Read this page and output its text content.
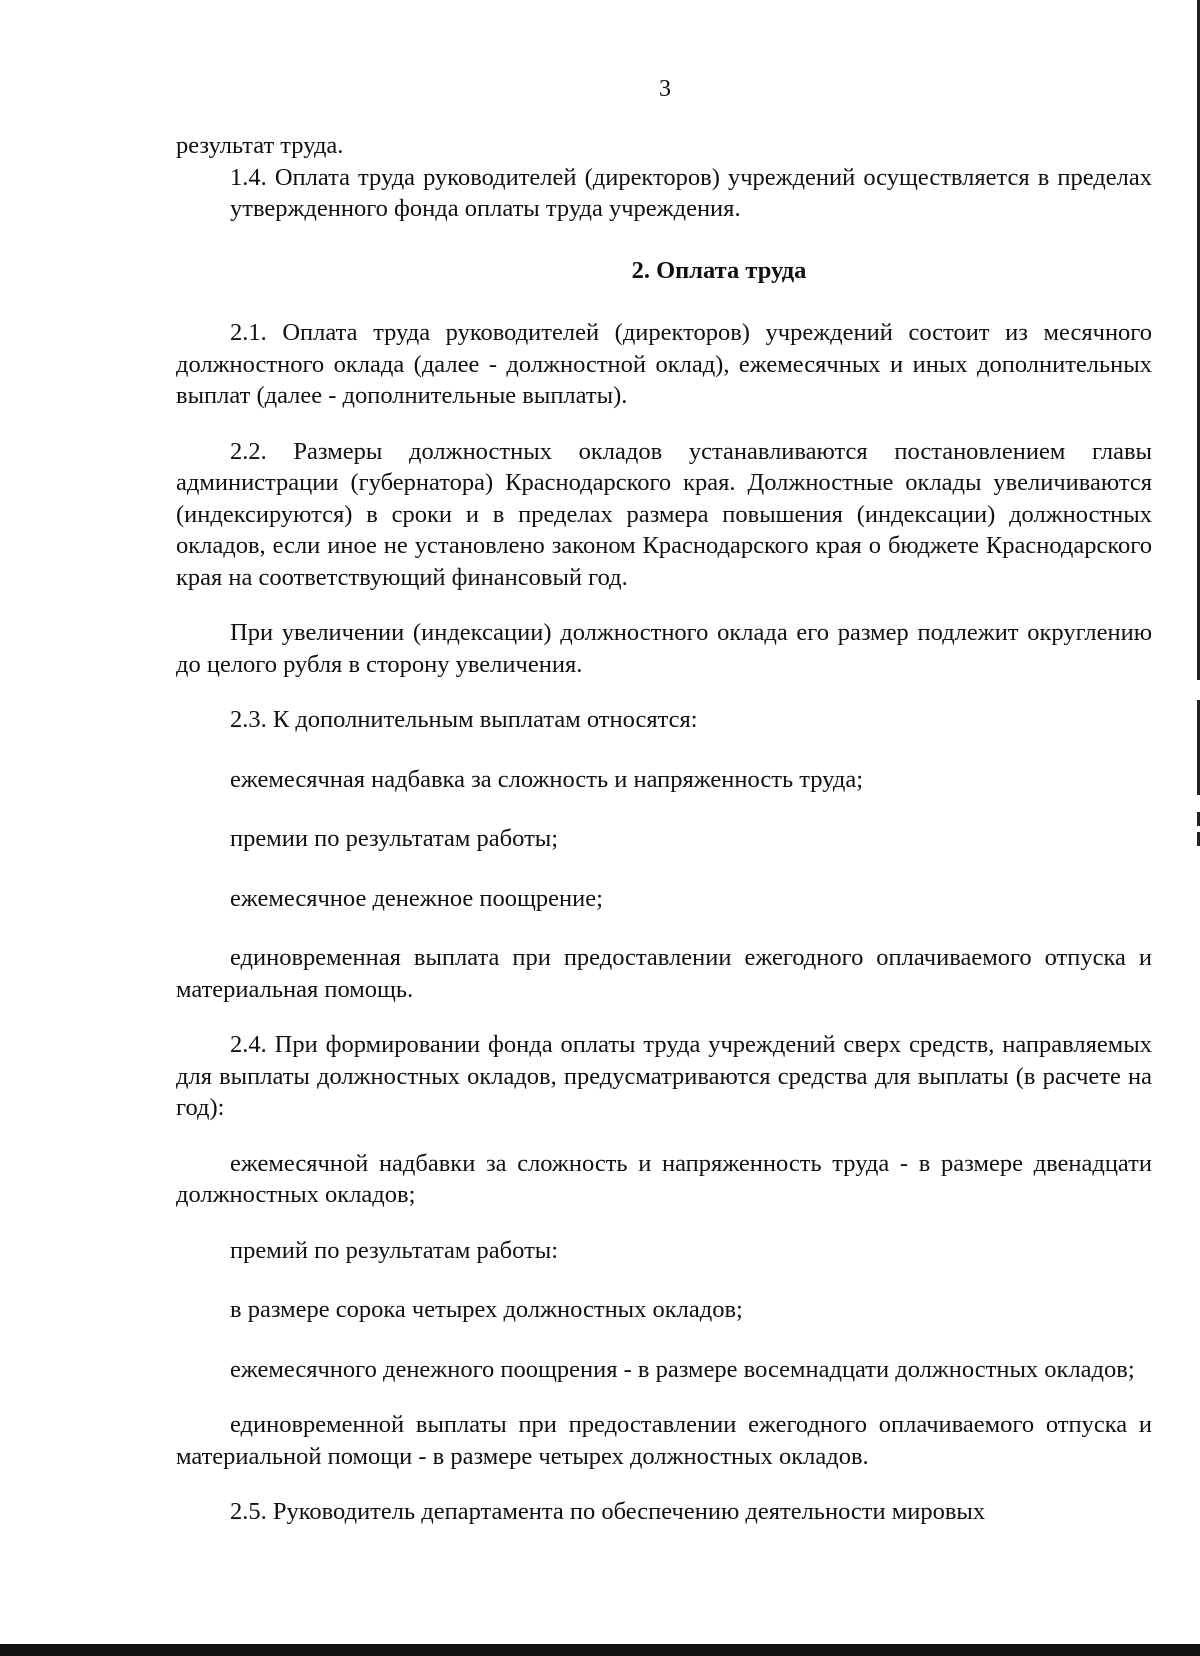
3

результат труда.

1.4. Оплата труда руководителей (директоров) учреждений осуществляется в пределах утвержденного фонда оплаты труда учреждения.

2. Оплата труда

2.1. Оплата труда руководителей (директоров) учреждений состоит из месячного должностного оклада (далее - должностной оклад), ежемесячных и иных дополнительных выплат (далее - дополнительные выплаты).

2.2. Размеры должностных окладов устанавливаются постановлением главы администрации (губернатора) Краснодарского края. Должностные оклады увеличиваются (индексируются) в сроки и в пределах размера повышения (индексации) должностных окладов, если иное не установлено законом Краснодарского края о бюджете Краснодарского края на соответствующий финансовый год.

При увеличении (индексации) должностного оклада его размер подлежит округлению до целого рубля в сторону увеличения.

2.3. К дополнительным выплатам относятся:

ежемесячная надбавка за сложность и напряженность труда;

премии по результатам работы;

ежемесячное денежное поощрение;

единовременная выплата при предоставлении ежегодного оплачиваемого отпуска и материальная помощь.

2.4. При формировании фонда оплаты труда учреждений сверх средств, направляемых для выплаты должностных окладов, предусматриваются средства для выплаты (в расчете на год):

ежемесячной надбавки за сложность и напряженность труда - в размере двенадцати должностных окладов;

премий по результатам работы:

в размере сорока четырех должностных окладов;

ежемесячного денежного поощрения - в размере восемнадцати должностных окладов;

единовременной выплаты при предоставлении ежегодного оплачиваемого отпуска и материальной помощи - в размере четырех должностных окладов.

2.5. Руководитель департамента по обеспечению деятельности мировых
